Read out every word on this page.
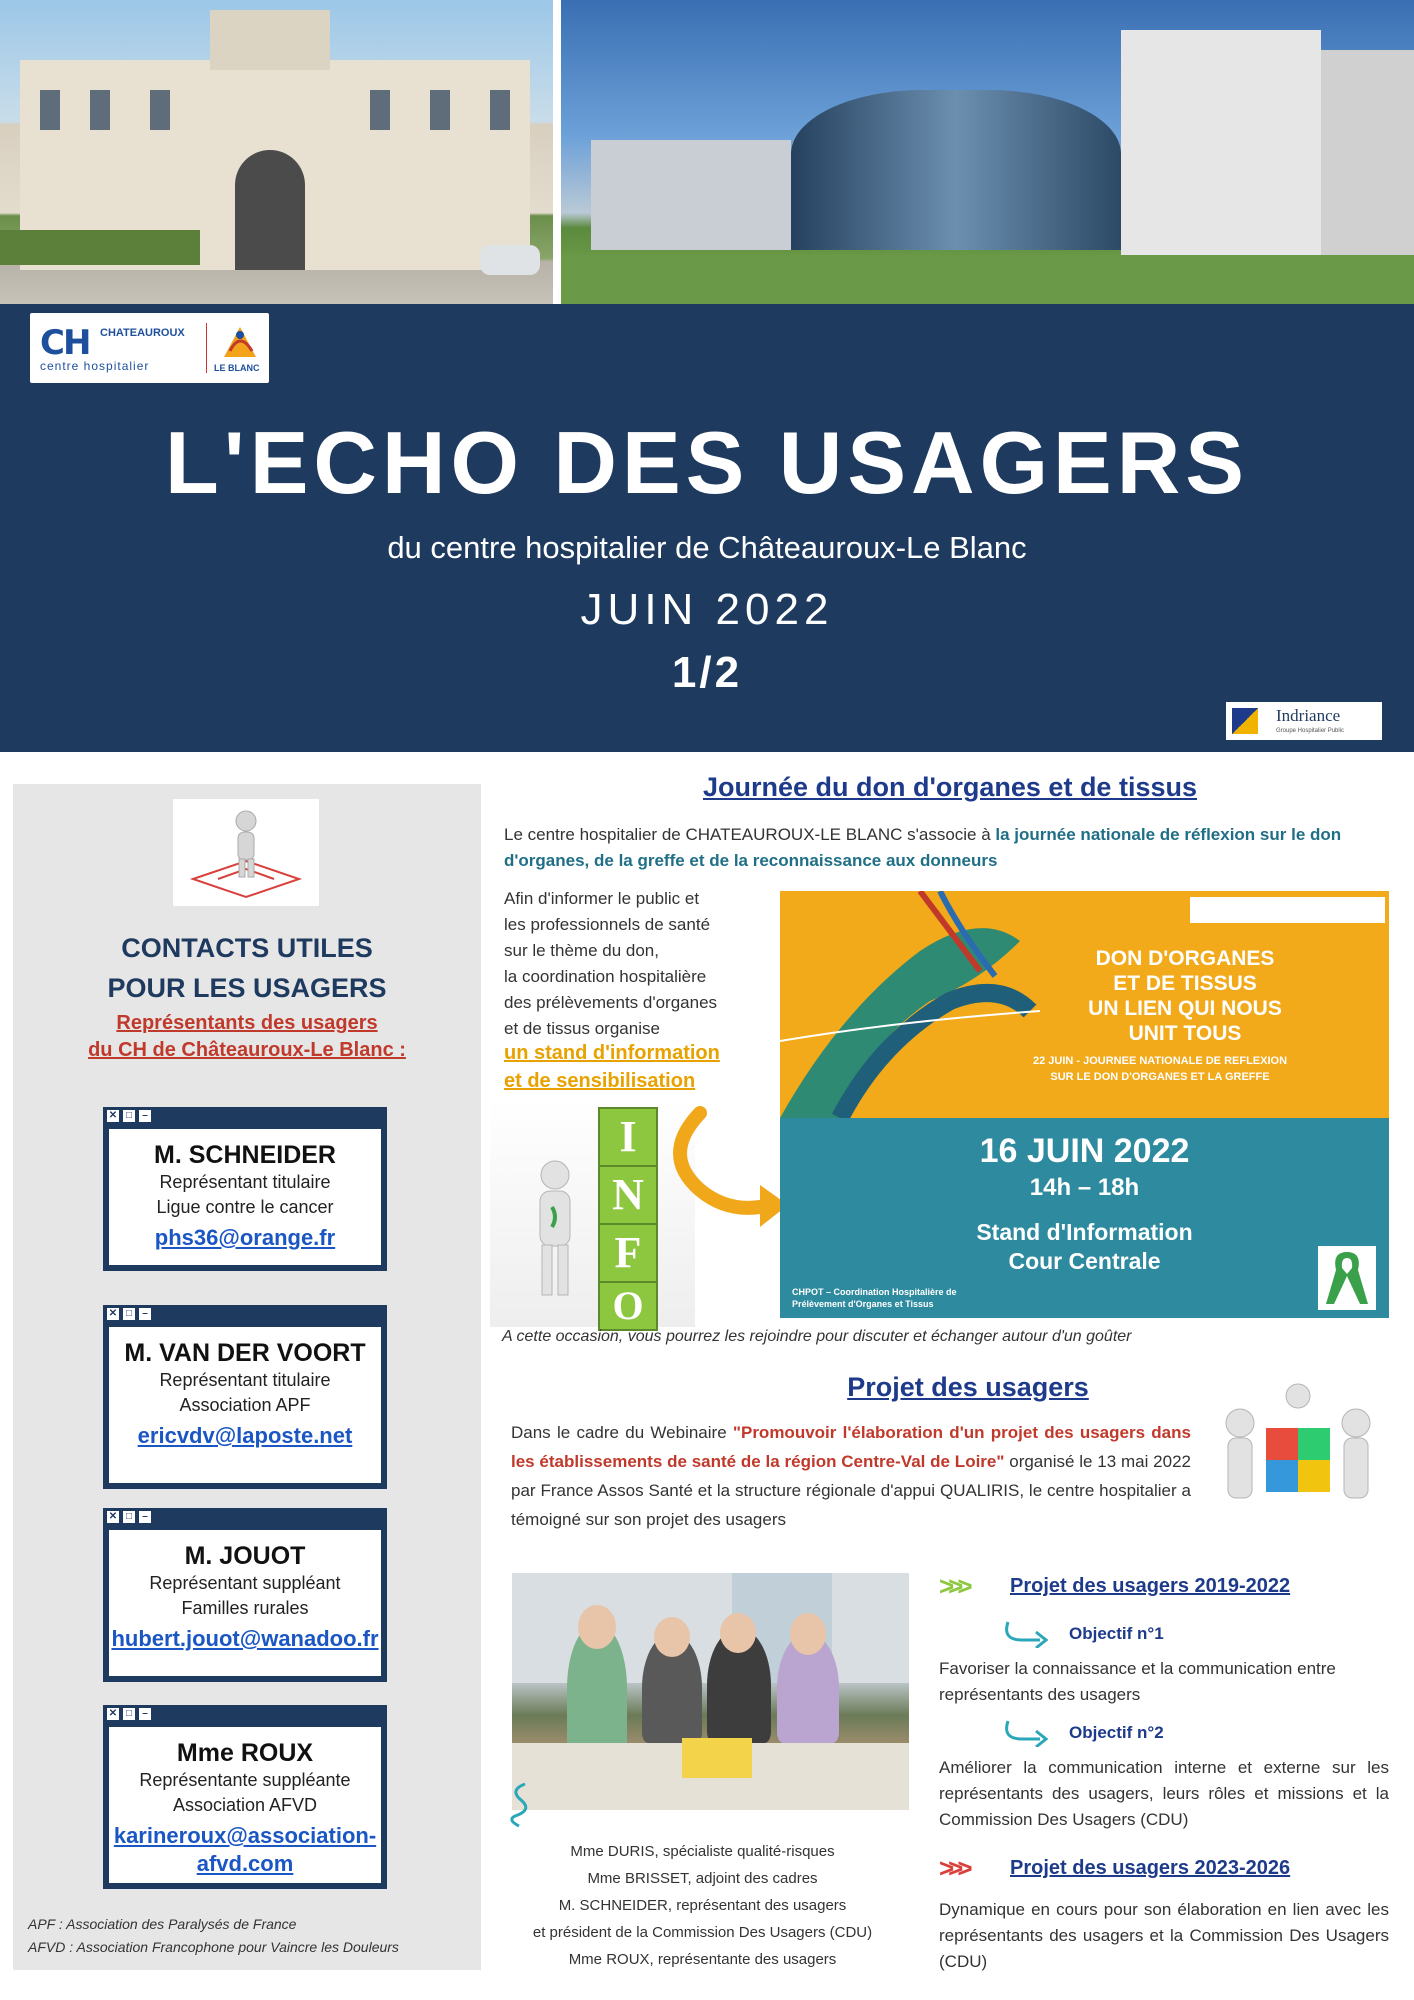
CH CHATEAUROUX
centre hospitalier	LE BLANC
L'ECHO DES USAGERS
du centre hospitalier de Châteauroux-Le Blanc
JUIN 2022
1/2
Indriance
Groupe Hospitalier Public
CONTACTS UTILES
POUR LES USAGERS
Représentants des usagers
du CH de Châteauroux-Le Blanc :
✕ □ –
M. SCHNEIDER
Représentant titulaire
Ligue contre le cancer
phs36@orange.fr
✕ □ –
M. VAN DER VOORT
Représentant titulaire
Association APF
ericvdv@laposte.net
✕ □ –
M. JOUOT
Représentant suppléant
Familles rurales
hubert.jouot@wanadoo.fr
✕ □ –
Mme ROUX
Représentante suppléante
Association AFVD
karineroux@association-
afvd.com
APF : Association des Paralysés de France
AFVD : Association Francophone pour Vaincre les Douleurs
Journée du don d'organes et de tissus
Le centre hospitalier de CHATEAUROUX-LE BLANC s'associe à la journée nationale de réflexion sur le don d'organes, de la greffe et de la reconnaissance aux donneurs
Afin d'informer le public et
les professionnels de santé
sur le thème du don,
la coordination hospitalière
des prélèvements d'organes
et de tissus organise
un stand d'information
et de sensibilisation
I
N
F
O
DON D'ORGANES
ET DE TISSUS
UN LIEN QUI NOUS
UNIT TOUS
22 JUIN - JOURNEE NATIONALE DE REFLEXION
SUR LE DON D'ORGANES ET LA GREFFE
16 JUIN 2022
14h – 18h
Stand d'Information
Cour Centrale
CHPOT – Coordination Hospitalière de
Prélèvement d'Organes et Tissus
A cette occasion, vous pourrez les rejoindre pour discuter et échanger autour d'un goûter
Projet des usagers
Dans le cadre du Webinaire "Promouvoir l'élaboration d'un projet des usagers dans les établissements de santé de la région Centre-Val de Loire" organisé le 13 mai 2022 par France Assos Santé et la structure régionale d'appui QUALIRIS, le centre hospitalier a témoigné sur son projet des usagers
Mme DURIS, spécialiste qualité-risques
Mme BRISSET, adjoint des cadres
M. SCHNEIDER, représentant des usagers
et président de la Commission Des Usagers (CDU)
Mme ROUX, représentante des usagers
>>> Projet des usagers 2019-2022
Objectif n°1
Favoriser la connaissance et la communication entre représentants des usagers
Objectif n°2
Améliorer la communication interne et externe sur les représentants des usagers, leurs rôles et missions et la Commission Des Usagers (CDU)
>>> Projet des usagers 2023-2026
Dynamique en cours pour son élaboration en lien avec les représentants des usagers et la Commission Des Usagers (CDU)
